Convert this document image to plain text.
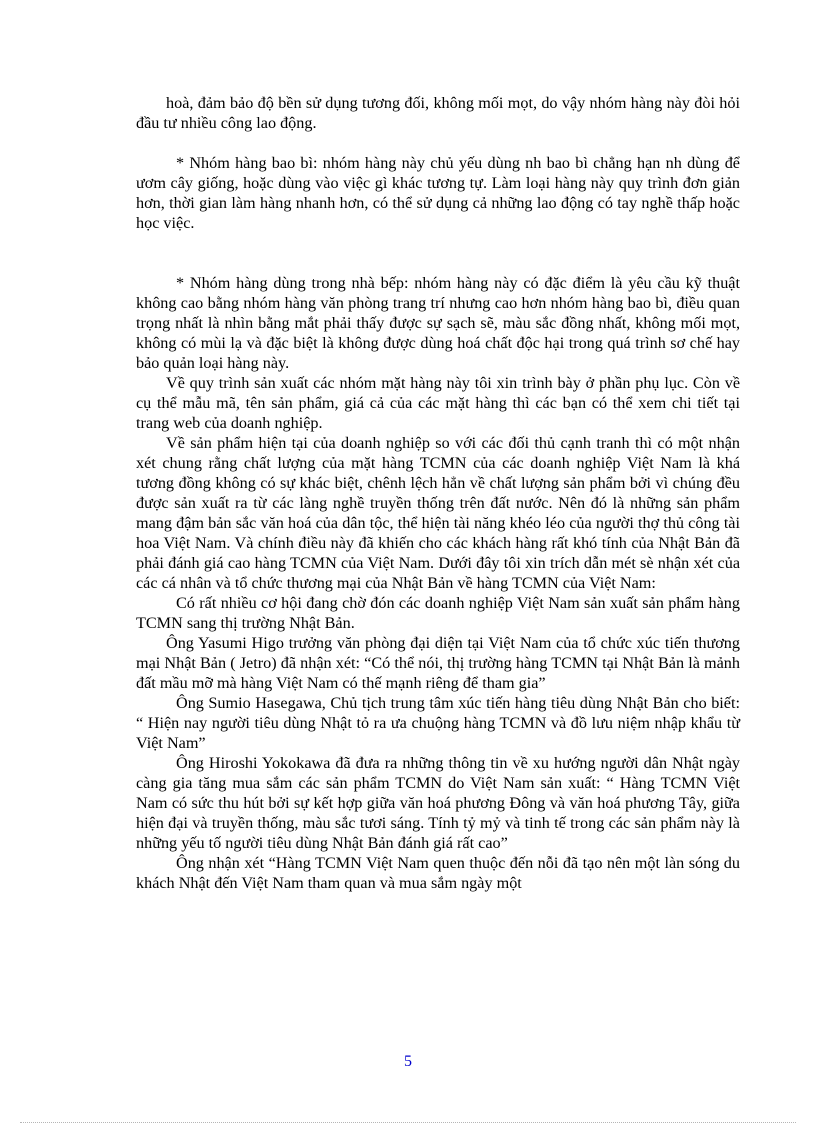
hoà, đảm bảo độ bền sử dụng tương đối, không mối mọt, do vậy nhóm hàng này đòi hỏi đầu tư nhiều công lao động.

* Nhóm hàng bao bì: nhóm hàng này chủ yếu dùng nh bao bì chẳng hạn nh dùng để ươm cây giống, hoặc dùng vào việc gì khác tương tự. Làm loại hàng này quy trình đơn giản hơn, thời gian làm hàng nhanh hơn, có thể sử dụng cả những lao động có tay nghề thấp hoặc học việc.

* Nhóm hàng dùng trong nhà bếp: nhóm hàng này có đặc điểm là yêu cầu kỹ thuật không cao bằng nhóm hàng văn phòng trang trí nhưng cao hơn nhóm hàng bao bì, điều quan trọng nhất là nhìn bằng mắt phải thấy được sự sạch sẽ, màu sắc đồng nhất, không mối mọt, không có mùi lạ và đặc biệt là không được dùng hoá chất độc hại trong quá trình sơ chế hay bảo quản loại hàng này.

Về quy trình sản xuất các nhóm mặt hàng này tôi xin trình bày ở phần phụ lục. Còn về cụ thể mẫu mã, tên sản phẩm, giá cả của các mặt hàng thì các bạn có thể xem chi tiết tại trang web của doanh nghiệp.

Về sản phẩm hiện tại của doanh nghiệp so với các đối thủ cạnh tranh thì có một nhận xét chung rằng chất lượng của mặt hàng TCMN của các doanh nghiệp Việt Nam là khá tương đồng không có sự khác biệt, chênh lệch hẳn về chất lượng sản phẩm bởi vì chúng đều được sản xuất ra từ các làng nghề truyền thống trên đất nước. Nên đó là những sản phẩm mang đậm bản sắc văn hoá của dân tộc, thể hiện tài năng khéo léo của người thợ thủ công tài hoa Việt Nam. Và chính điều này đã khiến cho các khách hàng rất khó tính của Nhật Bản đã phải đánh giá cao hàng TCMN của Việt Nam. Dưới đây tôi xin trích dẫn mét sè nhận xét của các cá nhân và tổ chức thương mại của Nhật Bản về hàng TCMN của Việt Nam:

Có rất nhiều cơ hội đang chờ đón các doanh nghiệp Việt Nam sản xuất sản phẩm hàng TCMN sang thị trường Nhật Bản.

Ông Yasumi Higo trưởng văn phòng đại diện tại Việt Nam của tổ chức xúc tiến thương mại Nhật Bản ( Jetro) đã nhận xét: “Có thể nói, thị trường hàng TCMN tại Nhật Bản là mảnh đất mầu mỡ mà hàng Việt Nam có thế mạnh riêng để tham gia”

Ông Sumio Hasegawa, Chủ tịch trung tâm xúc tiến hàng tiêu dùng Nhật Bản cho biết: “ Hiện nay người tiêu dùng Nhật tỏ ra ưa chuộng hàng TCMN và đồ lưu niệm nhập khẩu từ Việt Nam”

Ông Hiroshi Yokokawa đã đưa ra những thông tin về xu hướng người dân Nhật ngày càng gia tăng mua sắm các sản phẩm TCMN do Việt Nam sản xuất: “ Hàng TCMN Việt Nam có sức thu hút bởi sự kết hợp giữa văn hoá phương Đông và văn hoá phương Tây, giữa hiện đại và truyền thống, màu sắc tươi sáng. Tính tỷ mỷ và tinh tế trong các sản phẩm này là những yếu tố người tiêu dùng Nhật Bản đánh giá rất cao”

Ông nhận xét “Hàng TCMN Việt Nam quen thuộc đến nỗi đã tạo nên một làn sóng du khách Nhật đến Việt Nam tham quan và mua sắm ngày một

5
